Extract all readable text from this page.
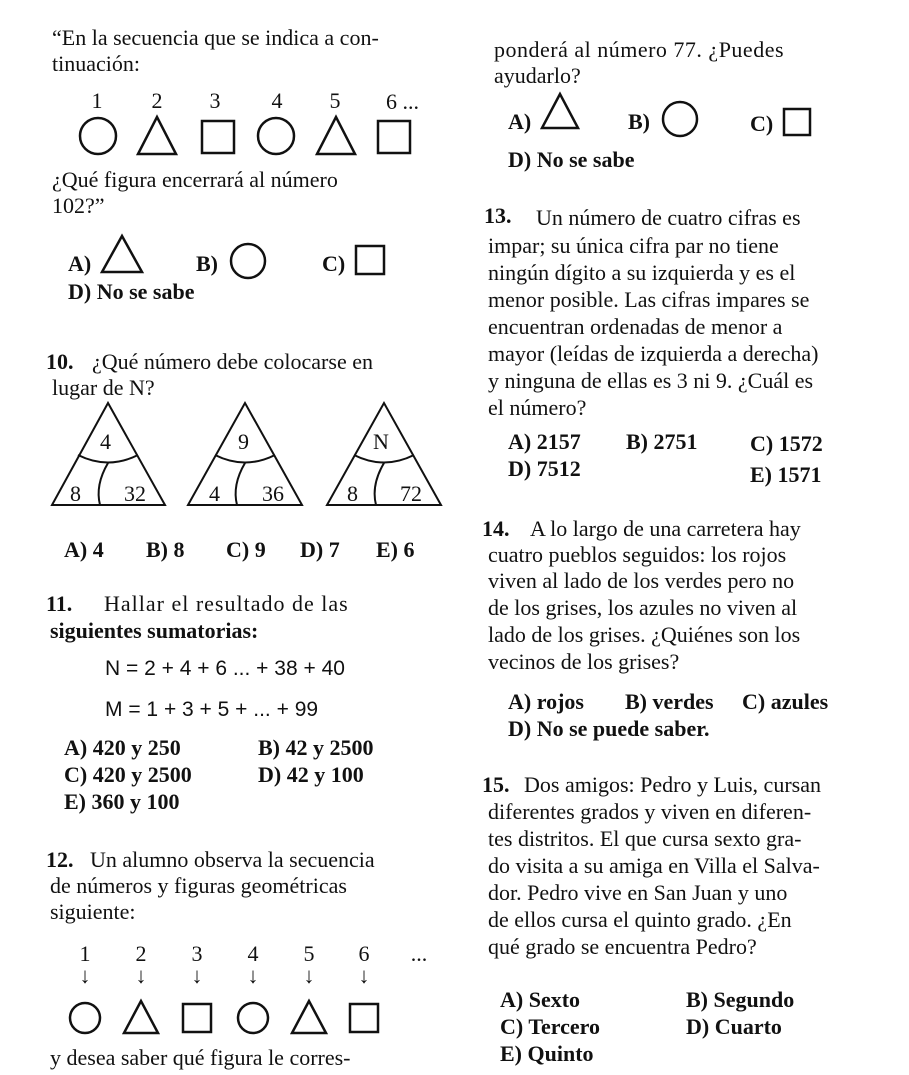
“En la secuencia que se indica a con-
tinuación:
1	2	3	4	5	6 ...
¿Qué figura encerrará al número
102?”
A)	B)	C)
D) No se sabe
10. ¿Qué número debe colocarse en
lugar de N?
4
8 32
9
4 36
N
8 72
A) 4 B) 8 C) 9 D) 7 E) 6
11. Hallar el resultado de las
siguientes sumatorias:
N = 2 + 4 + 6 ... + 38 + 40
M = 1 + 3 + 5 + ... + 99
A) 420 y 250	B) 42 y 2500
C) 420 y 2500	D) 42 y 100
E) 360 y 100
12. Un alumno observa la secuencia
de números y figuras geométricas
siguiente:
1	2	3	4	5	6	...
↓	↓	↓	↓	↓	↓
y desea saber qué figura le corres-
ponderá al número 77. ¿Puedes
ayudarlo?
A)	B)	C)
D) No se sabe
13. Un número de cuatro cifras es
impar; su única cifra par no tiene
ningún dígito a su izquierda y es el
menor posible. Las cifras impares se
encuentran ordenadas de menor a
mayor (leídas de izquierda a derecha)
y ninguna de ellas es 3 ni 9. ¿Cuál es
el número?
A) 2157 B) 2751 C) 1572
D) 7512	E) 1571
14. A lo largo de una carretera hay
cuatro pueblos seguidos: los rojos
viven al lado de los verdes pero no
de los grises, los azules no viven al
lado de los grises. ¿Quiénes son los
vecinos de los grises?
A) rojos B) verdes C) azules
D) No se puede saber.
15. Dos amigos: Pedro y Luis, cursan
diferentes grados y viven en diferen-
tes distritos. El que cursa sexto gra-
do visita a su amiga en Villa el Salva-
dor. Pedro vive en San Juan y uno
de ellos cursa el quinto grado. ¿En
qué grado se encuentra Pedro?
A) Sexto	B) Segundo
C) Tercero	D) Cuarto
E) Quinto
